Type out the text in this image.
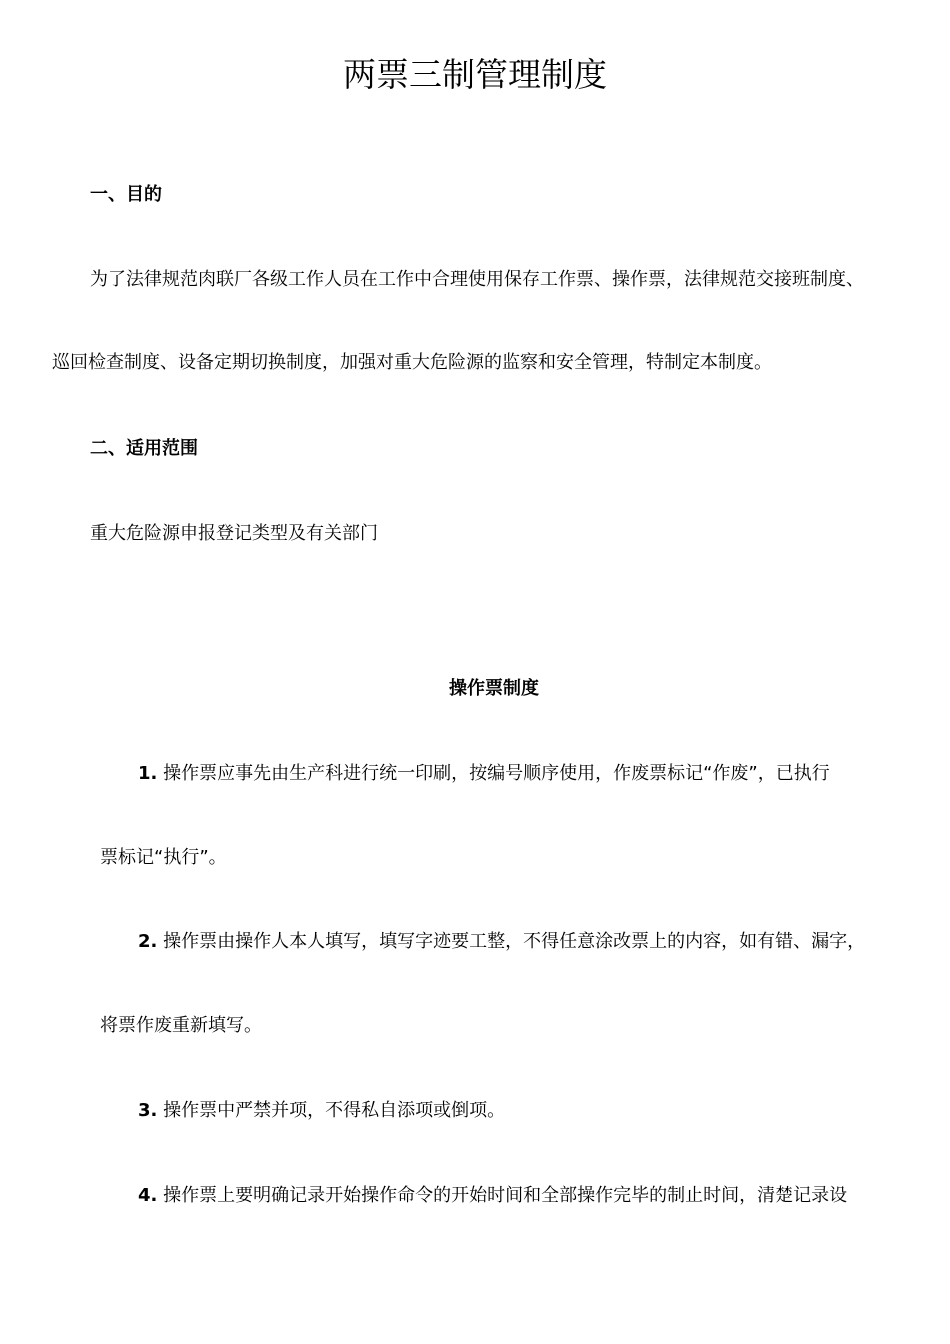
两票三制管理制度

一、目的

为了法律规范肉联厂各级工作人员在工作中合理使用保存工作票、操作票，法律规范交接班制度、

巡回检查制度、设备定期切换制度，加强对重大危险源的监察和安全管理，特制定本制度。

二、适用范围

重大危险源申报登记类型及有关部门

操作票制度

1. 操作票应事先由生产科进行统一印刷，按编号顺序使用，作废票标记“作废”，已执行

票标记“执行”。

2. 操作票由操作人本人填写，填写字迹要工整，不得任意涂改票上的内容，如有错、漏字，

将票作废重新填写。

3. 操作票中严禁并项，不得私自添项或倒项。

4. 操作票上要明确记录开始操作命令的开始时间和全部操作完毕的制止时间，清楚记录设
